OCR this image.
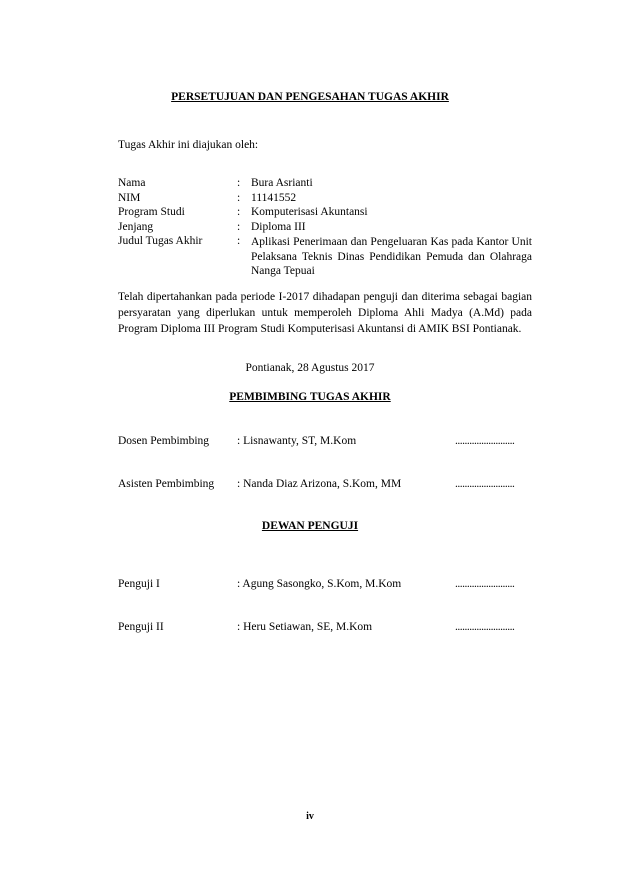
PERSETUJUAN DAN PENGESAHAN TUGAS AKHIR
Tugas Akhir ini diajukan oleh:
Nama	: Bura Asrianti
NIM	: 11141552
Program Studi	: Komputerisasi Akuntansi
Jenjang	: Diploma III
Judul Tugas Akhir	: Aplikasi Penerimaan dan Pengeluaran Kas pada Kantor Unit Pelaksana Teknis Dinas Pendidikan Pemuda dan Olahraga Nanga Tepuai
Telah dipertahankan pada periode I-2017 dihadapan penguji dan diterima sebagai bagian persyaratan yang diperlukan untuk memperoleh Diploma Ahli Madya (A.Md) pada Program Diploma III Program Studi Komputerisasi Akuntansi di AMIK BSI Pontianak.
Pontianak, 28 Agustus 2017
PEMBIMBING TUGAS AKHIR
Dosen Pembimbing : Lisnawanty, ST, M.Kom	.........................
Asisten Pembimbing : Nanda Diaz Arizona, S.Kom, MM	.........................
DEWAN PENGUJI
Penguji I	: Agung Sasongko, S.Kom, M.Kom	.........................
Penguji II	: Heru Setiawan, SE, M.Kom	.........................
iv
